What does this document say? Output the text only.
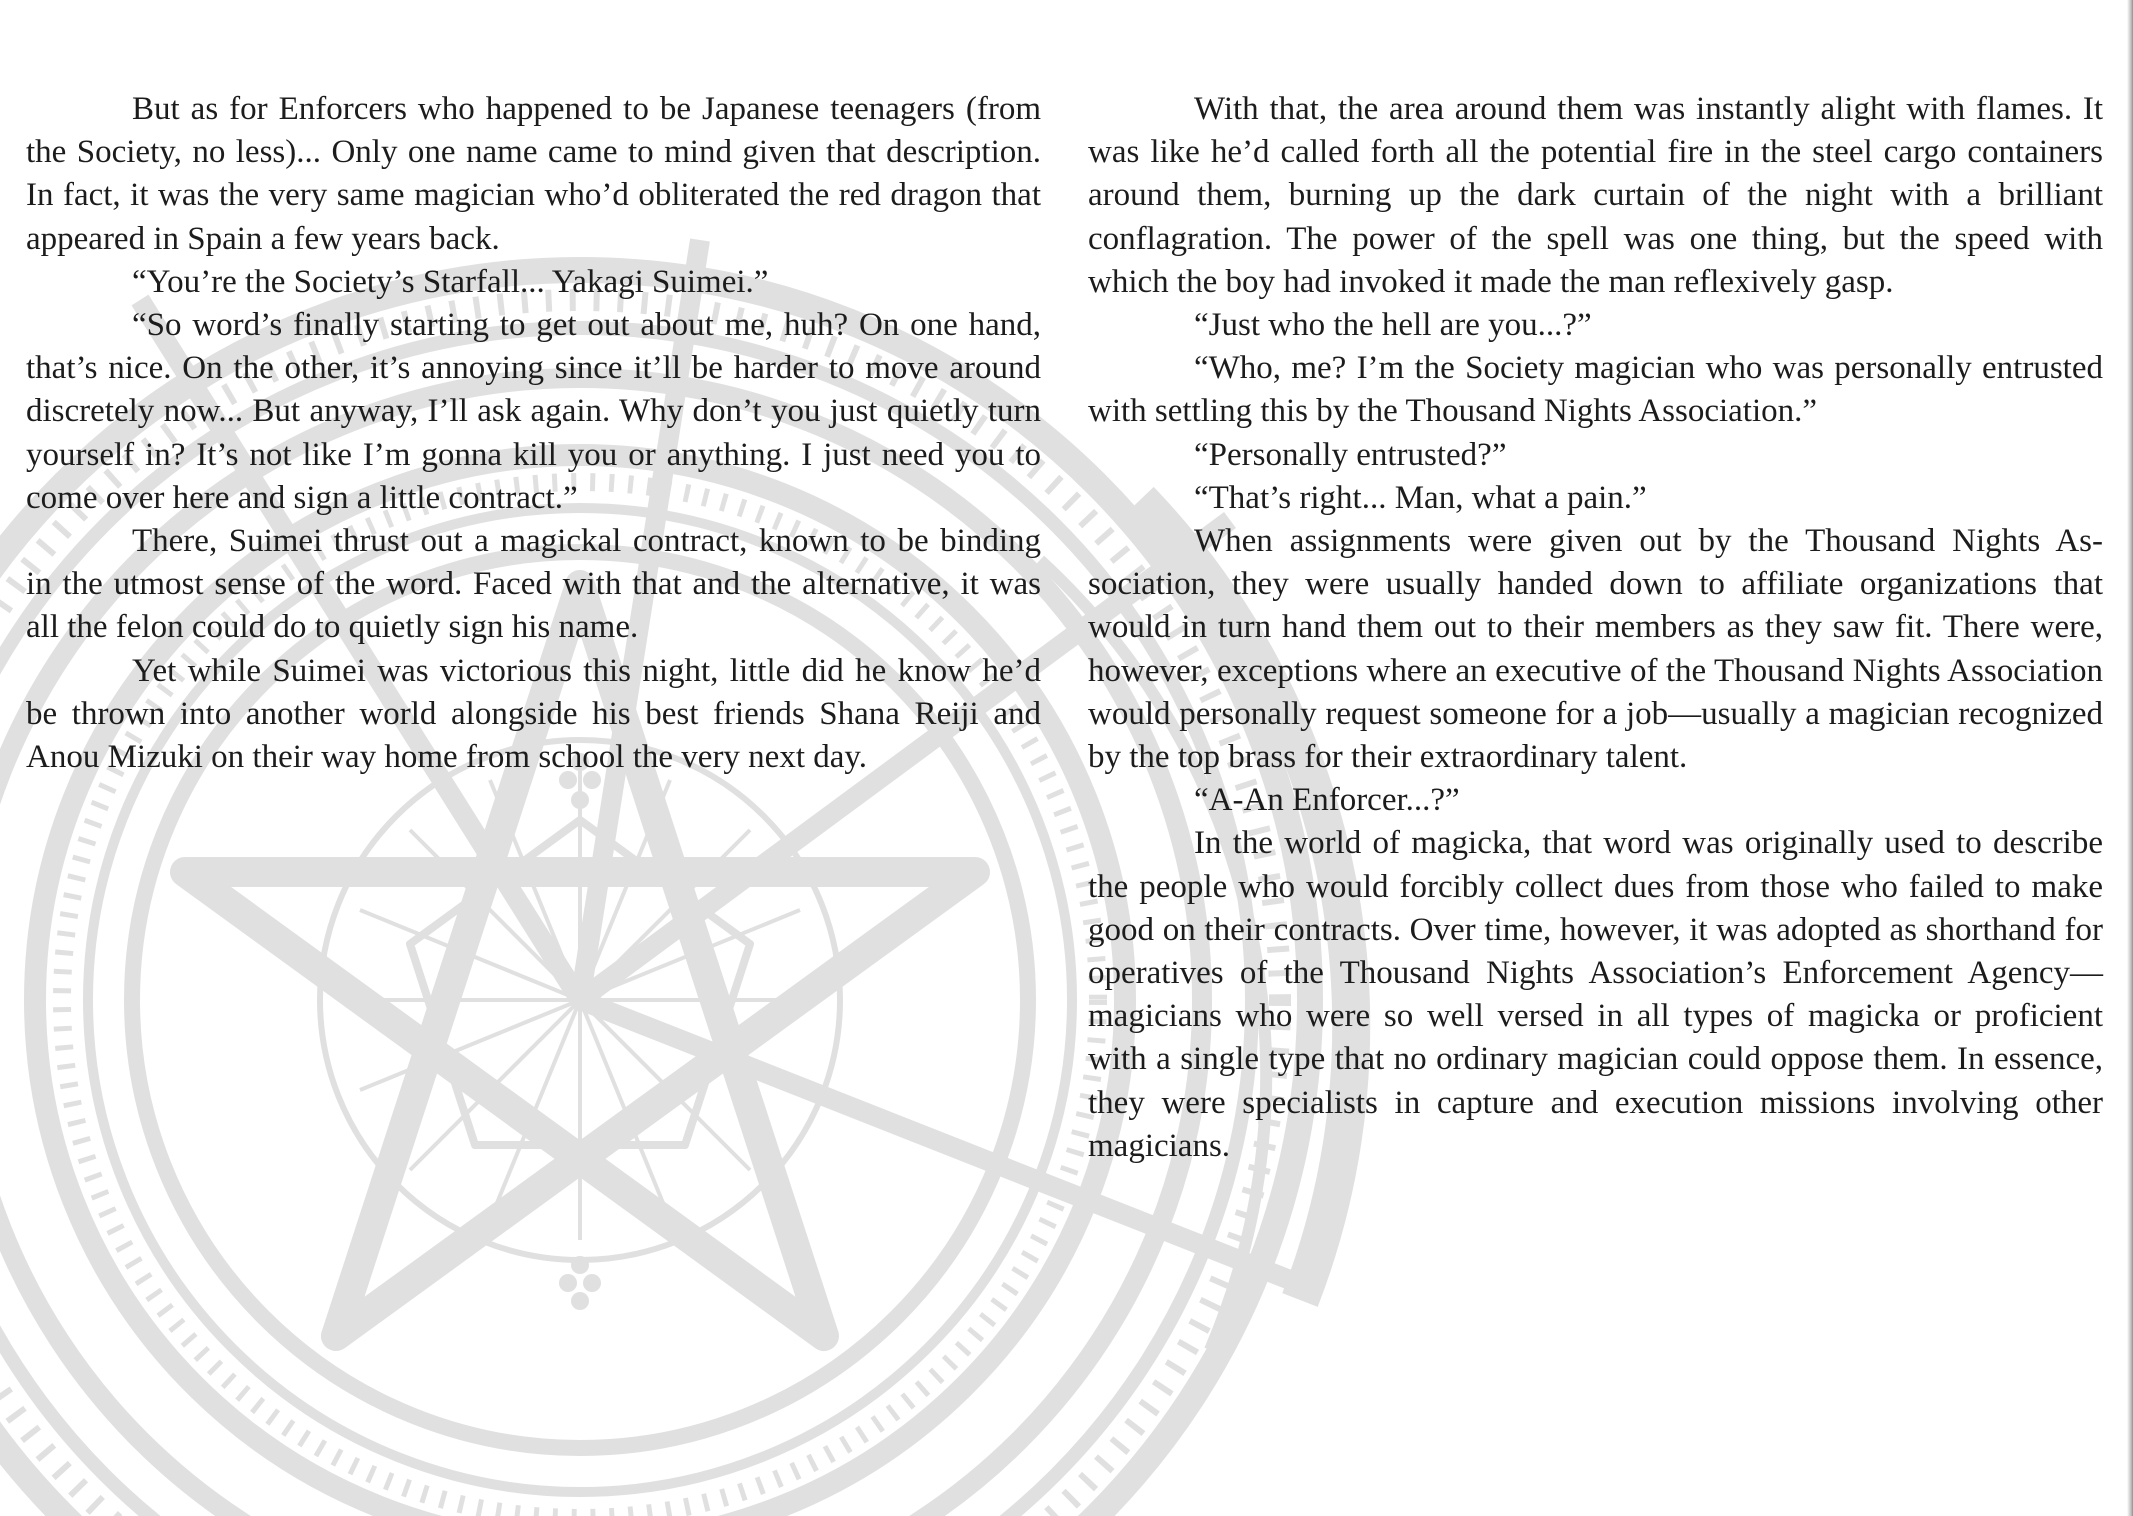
But as for Enforcers who happened to be Japanese teenagers (from the Society, no less)... Only one name came to mind given that description. In fact, it was the very same magician who’d obliterated the red dragon that appeared in Spain a few years back.

“You’re the Society’s Starfall... Yakagi Suimei.”

“So word’s finally starting to get out about me, huh? On one hand, that’s nice. On the other, it’s annoying since it’ll be harder to move around discretely now... But anyway, I’ll ask again. Why don’t you just quietly turn yourself in? It’s not like I’m gonna kill you or anything. I just need you to come over here and sign a little contract.”

There, Suimei thrust out a magickal contract, known to be binding in the utmost sense of the word. Faced with that and the alternative, it was all the felon could do to quietly sign his name.

Yet while Suimei was victorious this night, little did he know he’d be thrown into another world alongside his best friends Shana Reiji and Anou Mizuki on their way home from school the very next day.

With that, the area around them was instantly alight with flames. It was like he’d called forth all the potential fire in the steel cargo containers around them, burning up the dark curtain of the night with a brilliant conflagration. The power of the spell was one thing, but the speed with which the boy had invoked it made the man reflexively gasp.

“Just who the hell are you...?”

“Who, me? I’m the Society magician who was personally entrusted with settling this by the Thousand Nights Association.”

“Personally entrusted?”

“That’s right... Man, what a pain.”

When assignments were given out by the Thousand Nights Association, they were usually handed down to affiliate organizations that would in turn hand them out to their members as they saw fit. There were, however, exceptions where an executive of the Thousand Nights Association would personally request someone for a job—usually a magician recognized by the top brass for their extraordinary talent.

“A-An Enforcer...?”

In the world of magicka, that word was originally used to describe the people who would forcibly collect dues from those who failed to make good on their contracts. Over time, however, it was adopted as shorthand for operatives of the Thousand Nights Association’s Enforcement Agency—magicians who were so well versed in all types of magicka or proficient with a single type that no ordinary magician could oppose them. In essence, they were specialists in capture and execution missions involving other magicians.
